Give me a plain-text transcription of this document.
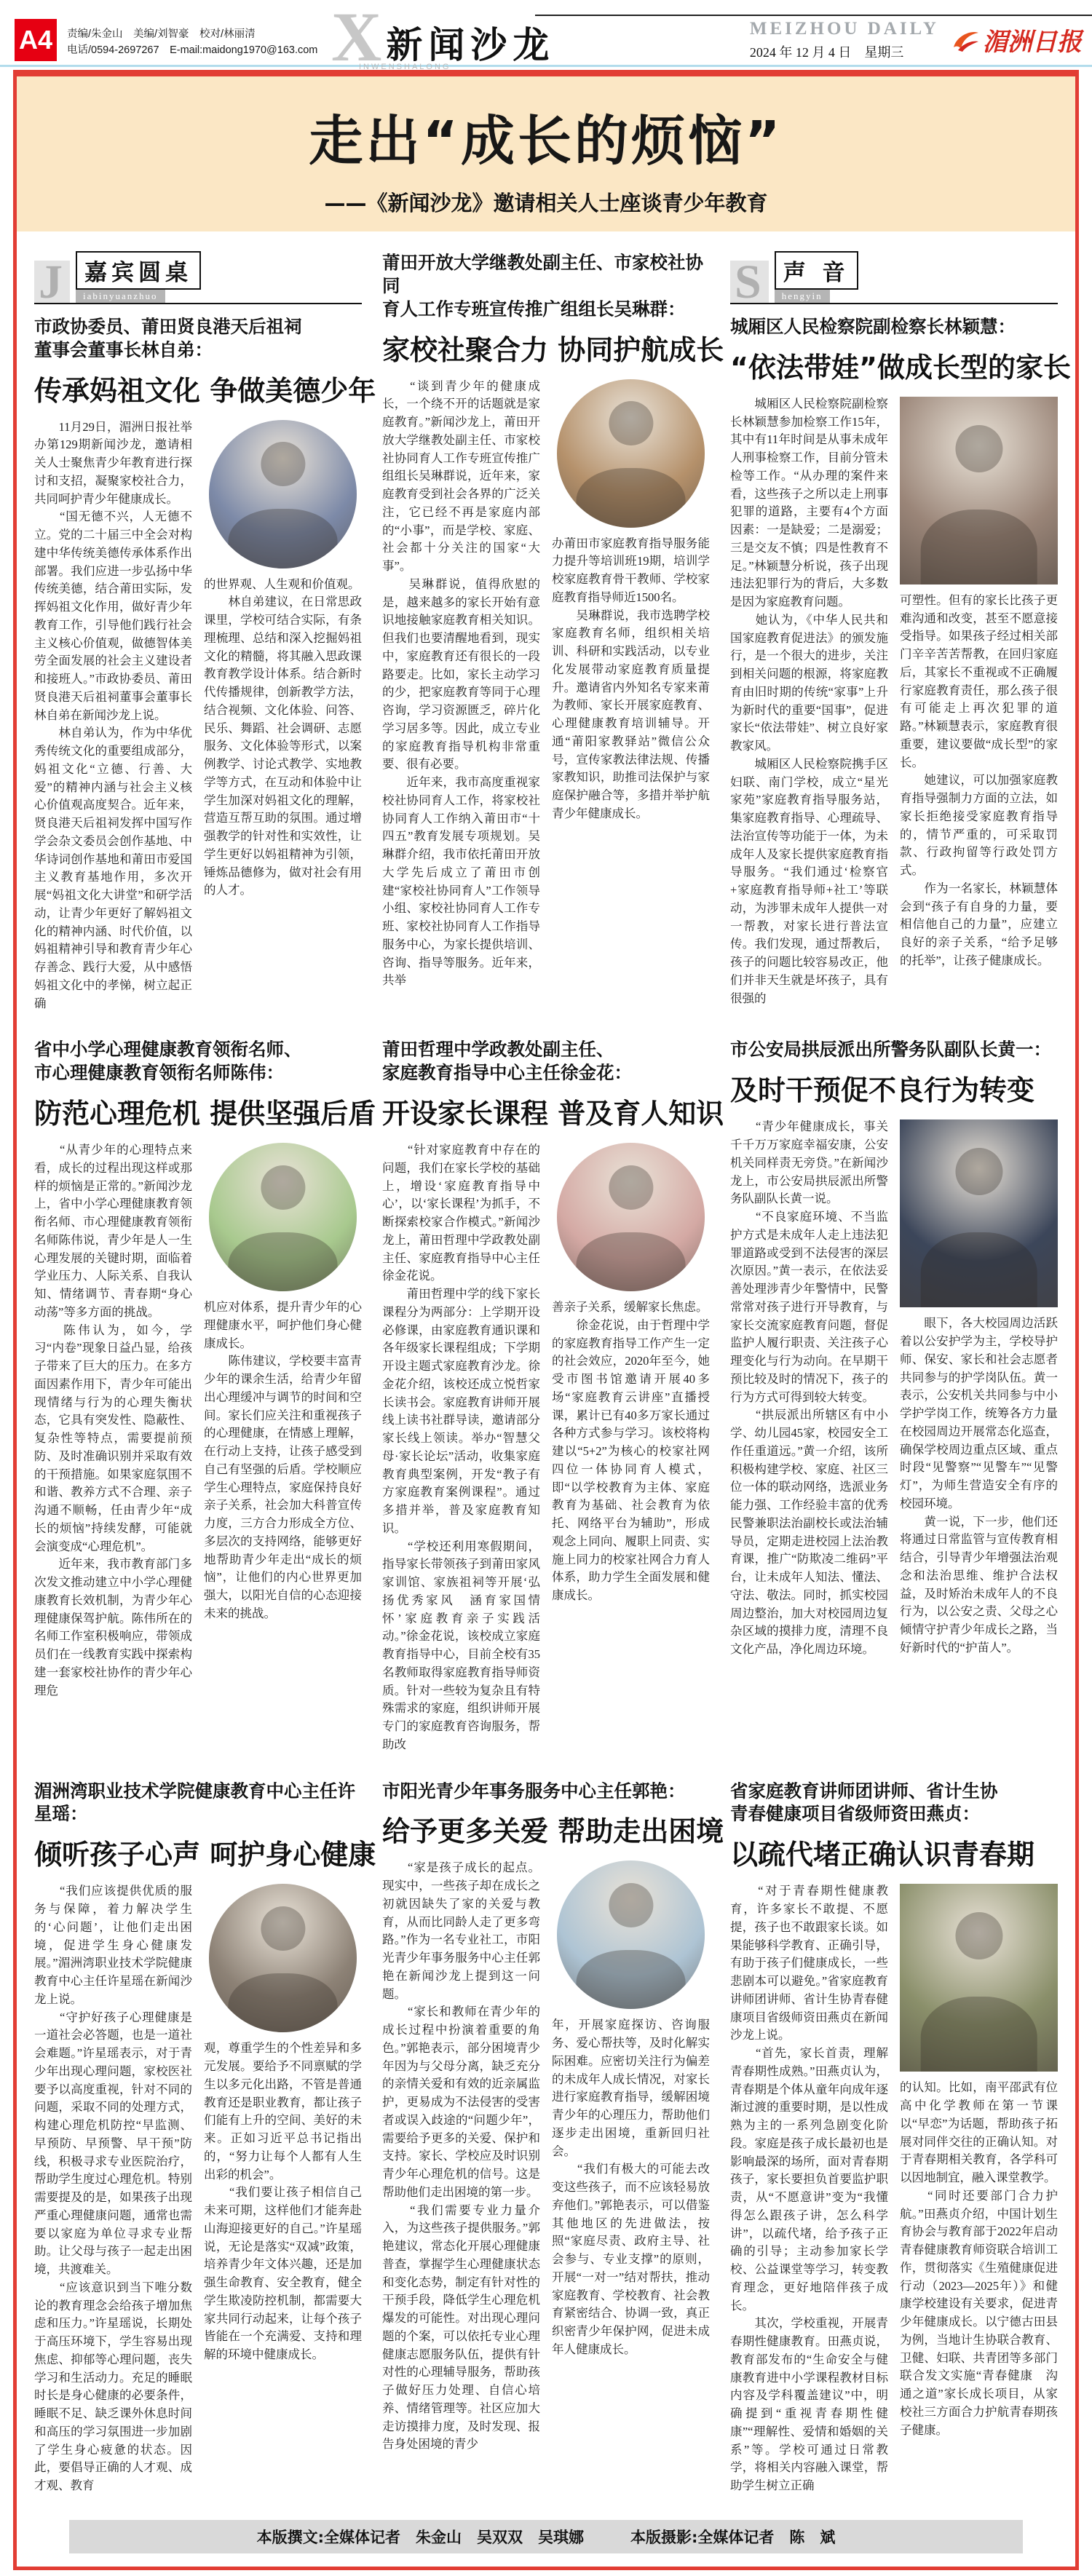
A4	责编/朱金山　美编/刘智豪　校对/林丽清
电话/0594-2697267　E-mail:maidong1970@163.com X 新闻沙龙
INWENSHALONG
MEIZHOU DAILY
2024 年 12 月 4 日　星期三	湄洲日报
走出“成长的烦恼”
——《新闻沙龙》邀请相关人士座谈青少年教育
J 嘉宾圆桌
iabinyuanzhuo
市政协委员、莆田贤良港天后祖祠
董事会董事长林自弟：
传承妈祖文化 争做美德少年

　　11月29日，湄洲日报社举办第129期新闻沙龙，邀请相关人士聚焦青少年教育进行探讨和支招，凝聚家校社合力，共同呵护青少年健康成长。

　　“国无德不兴，人无德不立。党的二十届三中全会对构建中华传统美德传承体系作出部署。我们应进一步弘扬中华传统美德，结合莆田实际，发挥妈祖文化作用，做好青少年教育工作，引导他们践行社会主义核心价值观，做德智体美劳全面发展的社会主义建设者和接班人。”市政协委员、莆田贤良港天后祖祠董事会董事长林自弟在新闻沙龙上说。

　　林自弟认为，作为中华优秀传统文化的重要组成部分，妈祖文化“立德、行善、大爱”的精神内涵与社会主义核心价值观高度契合。近年来，贤良港天后祖祠发挥中国写作学会杂文委员会创作基地、中华诗词创作基地和莆田市爱国主义教育基地作用，多次开展“妈祖文化大讲堂”和研学活动，让青少年更好了解妈祖文化的精神内涵、时代价值，以妈祖精神引导和教育青少年心存善念、践行大爱，从中感悟妈祖文化中的孝悌，树立起正确

的世界观、人生观和价值观。

　　林自弟建议，在日常思政课里，学校可结合实际，有条理梳理、总结和深入挖掘妈祖文化的精髓，将其融入思政课教育教学设计体系。结合新时代传播规律，创新教学方法，结合视频、文化体验、问答、民乐、舞蹈、社会调研、志愿服务、文化体验等形式，以案例教学、讨论式教学、实地教学等方式，在互动和体验中让学生加深对妈祖文化的理解，营造互帮互助的氛围。通过增强教学的针对性和实效性，让学生更好以妈祖精神为引领，锤炼品德修为，做对社会有用的人才。

莆田开放大学继教处副主任、市家校社协同
育人工作专班宣传推广组组长吴琳群：
家校社聚合力 协同护航成长

　　“谈到青少年的健康成长，一个绕不开的话题就是家庭教育。”新闻沙龙上，莆田开放大学继教处副主任、市家校社协同育人工作专班宣传推广组组长吴琳群说，近年来，家庭教育受到社会各界的广泛关注，它已经不再是家庭内部的“小事”，而是学校、家庭、社会都十分关注的国家“大事”。

　　吴琳群说，值得欣慰的是，越来越多的家长开始有意识地接触家庭教育相关知识。但我们也要清醒地看到，现实中，家庭教育还有很长的一段路要走。比如，家长主动学习的少，把家庭教育等同于心理咨询，学习资源匮乏，碎片化学习居多等。因此，成立专业的家庭教育指导机构非常重要、很有必要。

　　近年来，我市高度重视家校社协同育人工作，将家校社协同育人工作纳入莆田市“十四五”教育发展专项规划。吴琳群介绍，我市依托莆田开放大学先后成立了莆田市创建“家校社协同育人”工作领导小组、家校社协同育人工作专班、家校社协同育人工作指导服务中心，为家长提供培训、咨询、指导等服务。近年来，共举

办莆田市家庭教育指导服务能力提升等培训班19期，培训学校家庭教育骨干教师、学校家庭教育指导师近1500名。

　　吴琳群说，我市选聘学校家庭教育名师，组织相关培训、科研和实践活动，以专业化发展带动家庭教育质量提升。邀请省内外知名专家来莆为教师、家长开展家庭教育、心理健康教育培训辅导。开通“莆阳家教驿站”微信公众号，宣传家教法律法规、传播家教知识，助推司法保护与家庭保护融合等，多措并举护航青少年健康成长。

S 声 音
hengyin
城厢区人民检察院副检察长林颖慧：
“依法带娃”做成长型的家长

　　城厢区人民检察院副检察长林颖慧参加检察工作15年，其中有11年时间是从事未成年人刑事检察工作，目前分管未检等工作。“从办理的案件来看，这些孩子之所以走上刑事犯罪的道路，主要有4个方面因素：一是缺爱；二是溺爱；三是交友不慎；四是性教育不足。”林颖慧分析说，孩子出现违法犯罪行为的背后，大多数是因为家庭教育问题。

　　她认为，《中华人民共和国家庭教育促进法》的颁发施行，是一个很大的进步，关注到相关问题的根源，将家庭教育由旧时期的传统“家事”上升为新时代的重要“国事”，促进家长“依法带娃”、树立良好家教家风。

　　城厢区人民检察院携手区妇联、南门学校，成立“星光家苑”家庭教育指导服务站，集家庭教育指导、心理疏导、法治宣传等功能于一体，为未成年人及家长提供家庭教育指导服务。“我们通过‘检察官+家庭教育指导师+社工’等联动，为涉罪未成年人提供一对一帮教，对家长进行普法宣传。我们发现，通过帮教后，孩子的问题比较容易改正，他们并非天生就是坏孩子，具有很强的

可塑性。但有的家长比孩子更难沟通和改变，甚至不愿意接受指导。如果孩子经过相关部门辛辛苦苦帮教，在回归家庭后，其家长不重视或不正确履行家庭教育责任，那么孩子很有可能走上再次犯罪的道路。”林颖慧表示，家庭教育很重要，建议要做“成长型”的家长。

　　她建议，可以加强家庭教育指导强制力方面的立法，如家长拒绝接受家庭教育指导的，情节严重的，可采取罚款、行政拘留等行政处罚方式。

　　作为一名家长，林颖慧体会到“孩子有自身的力量，要相信他自己的力量”，应建立良好的亲子关系，“给予足够的托举”，让孩子健康成长。

省中小学心理健康教育领衔名师、
市心理健康教育领衔名师陈伟：
防范心理危机 提供坚强后盾

　　“从青少年的心理特点来看，成长的过程出现这样或那样的烦恼是正常的。”新闻沙龙上，省中小学心理健康教育领衔名师、市心理健康教育领衔名师陈伟说，青少年是人一生心理发展的关键时期，面临着学业压力、人际关系、自我认知、情绪调节、青春期“身心动荡”等多方面的挑战。

　　陈伟认为，如今，学习“内卷”现象日益凸显，给孩子带来了巨大的压力。在多方面因素作用下，青少年可能出现情绪与行为的心理失衡状态，它具有突发性、隐蔽性、复杂性等特点，需要提前预防、及时准确识别并采取有效的干预措施。如果家庭氛围不和谐、教养方式不合理、亲子沟通不顺畅，任由青少年“成长的烦恼”持续发酵，可能就会演变成“心理危机”。

　　近年来，我市教育部门多次发文推动建立中小学心理健康教育长效机制，为青少年心理健康保驾护航。陈伟所在的名师工作室积极响应，带领成员们在一线教育实践中探索构建一套家校社协作的青少年心理危

机应对体系，提升青少年的心理健康水平，呵护他们身心健康成长。

　　陈伟建议，学校要丰富青少年的课余生活，给青少年留出心理缓冲与调节的时间和空间。家长们应关注和重视孩子的心理健康，在情感上理解，在行动上支持，让孩子感受到自己有坚强的后盾。学校顺应学生心理特点，家庭保持良好亲子关系，社会加大科普宣传力度，三方合力形成全方位、多层次的支持网络，能够更好地帮助青少年走出“成长的烦恼”，让他们的内心世界更加强大，以阳光自信的心态迎接未来的挑战。

莆田哲理中学政教处副主任、
家庭教育指导中心主任徐金花：
开设家长课程 普及育人知识

　　“针对家庭教育中存在的问题，我们在家长学校的基础上，增设‘家庭教育指导中心’，以‘家长课程’为抓手，不断探索校家合作模式。”新闻沙龙上，莆田哲理中学政教处副主任、家庭教育指导中心主任徐金花说。

　　莆田哲理中学的线下家长课程分为两部分：上学期开设必修课，由家庭教育通识课和各年级家长课程组成；下学期开设主题式家庭教育沙龙。徐金花介绍，该校还成立悦哲家长读书会。家庭教育讲师开展线上读书社群导读，邀请部分家长线上领读。举办“智慧父母·家长论坛”活动，收集家庭教育典型案例，开发“教子有方家庭教育案例课程”。通过多措并举，普及家庭教育知识。

　　“学校还利用寒假期间，指导家长带领孩子到莆田家风家训馆、家族祖祠等开展‘弘扬优秀家风　涵育家国情怀’家庭教育亲子实践活动。”徐金花说，该校成立家庭教育指导中心，目前全校有35名教师取得家庭教育指导师资质。针对一些较为复杂且有特殊需求的家庭，组织讲师开展专门的家庭教育咨询服务，帮助改

善亲子关系，缓解家长焦虑。

　　徐金花说，由于哲理中学的家庭教育指导工作产生一定的社会效应，2020年至今，她受市图书馆邀请开展40多场“家庭教育云讲座”直播授课，累计已有40多万家长通过各种方式参与学习。该校将构建以“5+2”为核心的校家社网四位一体协同育人模式，即“以学校教育为主体、家庭教育为基础、社会教育为依托、网络平台为辅助”，形成观念上同向、履职上同责、实施上同力的校家社网合力育人体系，助力学生全面发展和健康成长。

市公安局拱辰派出所警务队副队长黄一：
及时干预促不良行为转变

　　“青少年健康成长，事关千千万万家庭幸福安康，公安机关同样责无旁贷。”在新闻沙龙上，市公安局拱辰派出所警务队副队长黄一说。

　　“不良家庭环境、不当监护方式是未成年人走上违法犯罪道路或受到不法侵害的深层次原因。”黄一表示，在依法妥善处理涉青少年警情中，民警常常对孩子进行开导教育，与家长交流家庭教育问题，督促监护人履行职责、关注孩子心理变化与行为动向。在早期干预比较及时的情况下，孩子的行为方式可得到较大转变。

　　“拱辰派出所辖区有中小学、幼儿园45家，校园安全工作任重道远。”黄一介绍，该所积极构建学校、家庭、社区三位一体的联动网络，选派业务能力强、工作经验丰富的优秀民警兼职法治副校长或法治辅导员，定期走进校园上法治教育课，推广“防欺凌二维码”平台，让未成年人知法、懂法、守法、敬法。同时，抓实校园周边整治，加大对校园周边复杂区域的摸排力度，清理不良文化产品，净化周边环境。

　　眼下，各大校园周边活跃着以公安护学为主，学校导护师、保安、家长和社会志愿者共同参与的护学岗队伍。黄一表示，公安机关共同参与中小学护学岗工作，统筹各方力量在校园周边开展常态化巡查，确保学校周边重点区域、重点时段“见警察”“见警车”“见警灯”，为师生营造安全有序的校园环境。

　　黄一说，下一步，他们还将通过日常监管与宣传教育相结合，引导青少年增强法治观念和法治思维、维护合法权益，及时矫治未成年人的不良行为，以公安之责、父母之心倾情守护青少年成长之路，当好新时代的“护苗人”。

湄洲湾职业技术学院健康教育中心主任许星瑶：
倾听孩子心声 呵护身心健康

　　“我们应该提供优质的服务与保障，着力解决学生的‘心问题’，让他们走出困境，促进学生身心健康发展。”湄洲湾职业技术学院健康教育中心主任许星瑶在新闻沙龙上说。

　　“守护好孩子心理健康是一道社会必答题，也是一道社会难题。”许星瑶表示，对于青少年出现心理问题，家校医社要予以高度重视，针对不同的问题，采取不同的处理方式，构建心理危机防控“早监测、早预防、早预警、早干预”防线，积极寻求专业医院治疗，帮助学生度过心理危机。特别需要提及的是，如果孩子出现严重心理健康问题，通常也需要以家庭为单位寻求专业帮助。让父母与孩子一起走出困境，共渡难关。

　　“应该意识到当下唯分数论的教育理念会给孩子增加焦虑和压力。”许星瑶说，长期处于高压环境下，学生容易出现焦虑、抑郁等心理问题，丧失学习和生活动力。充足的睡眠时长是身心健康的必要条件，睡眠不足、缺乏课外休息时间和高压的学习氛围进一步加剧了学生身心疲惫的状态。因此，要倡导正确的人才观、成才观、教育

观，尊重学生的个性差异和多元发展。要给予不同禀赋的学生以多元化出路，不管是普通教育还是职业教育，都让孩子们能有上升的空间、美好的未来。正如习近平总书记指出的，“努力让每个人都有人生出彩的机会”。

　　“我们要让孩子相信自己未来可期，这样他们才能奔赴山海迎接更好的自己。”许星瑶说，无论是落实“双减”政策，培养青少年文体兴趣，还是加强生命教育、安全教育，健全学生欺凌防控机制，都需要大家共同行动起来，让每个孩子皆能在一个充满爱、支持和理解的环境中健康成长。

市阳光青少年事务服务中心主任郭艳：
给予更多关爱 帮助走出困境

　　“家是孩子成长的起点。现实中，一些孩子却在成长之初就因缺失了家的关爱与教育，从而比同龄人走了更多弯路。”作为一名专业社工，市阳光青少年事务服务中心主任郭艳在新闻沙龙上提到这一问题。

　　“家长和教师在青少年的成长过程中扮演着重要的角色。”郭艳表示，部分困境青少年因为与父母分离，缺乏充分的亲情关爱和有效的近亲属监护，更易成为不法侵害的受害者或误入歧途的“问题少年”，需要给予更多的关爱、保护和支持。家长、学校应及时识别青少年心理危机的信号。这是帮助他们走出困境的第一步。

　　“我们需要专业力量介入，为这些孩子提供服务。”郭艳建议，常态化开展心理健康普查，掌握学生心理健康状态和变化态势，制定有针对性的干预手段，降低学生心理危机爆发的可能性。对出现心理问题的个案，可以依托专业心理健康志愿服务队伍，提供有针对性的心理辅导服务，帮助孩子做好压力处理、自信心培养、情绪管理等。社区应加大走访摸排力度，及时发现、报告身处困境的青少

年，开展家庭探访、咨询服务、爱心帮扶等，及时化解实际困难。应密切关注行为偏差的未成年人成长情况，对家长进行家庭教育指导，缓解困境青少年的心理压力，帮助他们逐步走出困境，重新回归社会。

　　“我们有极大的可能去改变这些孩子，而不应该轻易放弃他们。”郭艳表示，可以借鉴其他地区的先进做法，按照“家庭尽责、政府主导、社会参与、专业支撑”的原则，开展“一对一”结对帮扶，推动家庭教育、学校教育、社会教育紧密结合、协调一致，真正织密青少年保护网，促进未成年人健康成长。

省家庭教育讲师团讲师、省计生协
青春健康项目省级师资田燕贞：
以疏代堵正确认识青春期

　　“对于青春期性健康教育，许多家长不敢提、不愿提，孩子也不敢跟家长谈。如果能够科学教育、正确引导，有助于孩子们健康成长，一些悲剧本可以避免。”省家庭教育讲师团讲师、省计生协青春健康项目省级师资田燕贞在新闻沙龙上说。

　　“首先，家长首责，理解青春期性成熟。”田燕贞认为，青春期是个体从童年向成年逐渐过渡的重要时期，是以性成熟为主的一系列急剧变化阶段。家庭是孩子成长最初也是影响最深的场所，面对青春期孩子，家长要担负首要监护职责，从“不愿意讲”变为“我懂得怎么跟孩子讲，怎么科学讲”，以疏代堵，给予孩子正确的引导；主动参加家长学校、公益课堂等学习，转变教育理念，更好地陪伴孩子成长。

　　其次，学校重视，开展青春期性健康教育。田燕贞说，教育部发布的“生命安全与健康教育进中小学课程教材目标内容及学科覆盖建议”中，明确提到“重视青春期性健康”“理解性、爱情和婚姻的关系”等。学校可通过日常教学，将相关内容融入课堂，帮助学生树立正确

的认知。比如，南平邵武有位高中化学教师在第一节课以“早恋”为话题，帮助孩子拓展对同伴交往的正确认知。对于青春期相关教育，各学科可以因地制宜，融入课堂教学。

　　“同时还要部门合力护航。”田燕贞介绍，中国计划生育协会与教育部于2022年启动青春健康教育师资联合培训工作，贯彻落实《生殖健康促进行动（2023—2025年）》和健康学校建设有关要求，促进青少年健康成长。以宁德古田县为例，当地计生协联合教育、卫健、妇联、共青团等多部门联合发文实施“青春健康　沟通之道”家长成长项目，从家校社三方面合力护航青春期孩子健康。

本版撰文:全媒体记者　 朱金山　吴双双　吴琪娜	本版摄影:全媒体记者　 陈　斌
